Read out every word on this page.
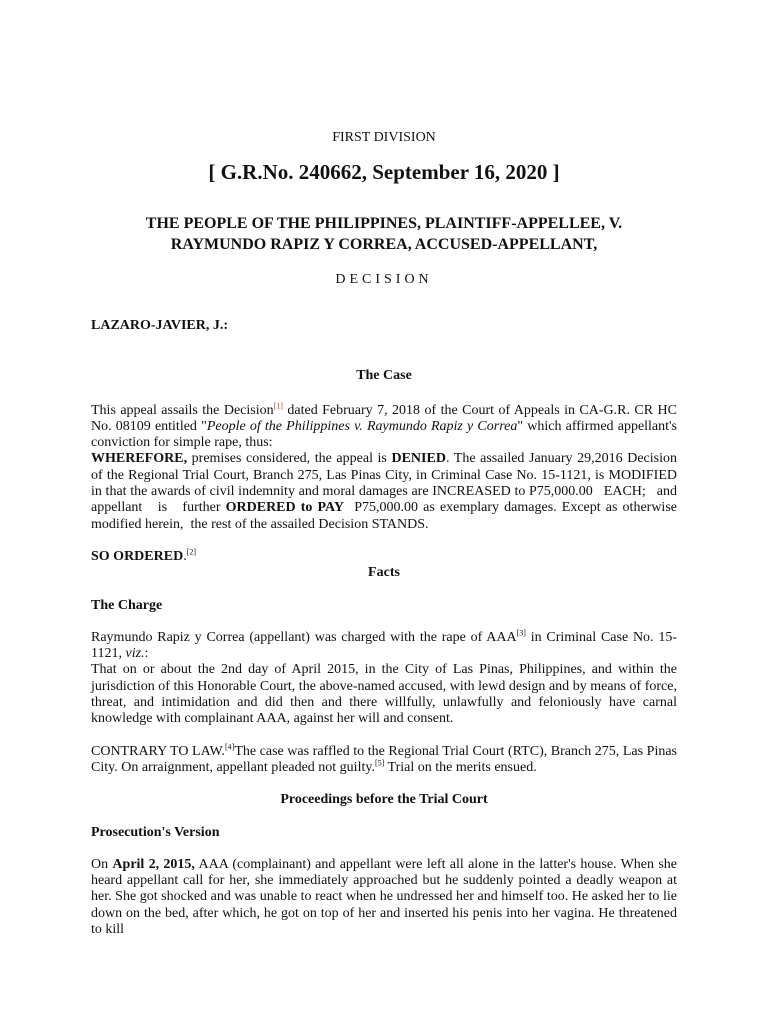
FIRST DIVISION
[ G.R.No. 240662, September 16, 2020 ]
THE PEOPLE OF THE PHILIPPINES, PLAINTIFF-APPELLEE, V.
RAYMUNDO RAPIZ Y CORREA, ACCUSED-APPELLANT,
DECISION

LAZARO-JAVIER, J.:

The Case

This appeal assails the Decision[1] dated February 7, 2018 of the Court of Appeals in CA-G.R. CR HC No. 08109 entitled "People of the Philippines v. Raymundo Rapiz y Correa" which affirmed appellant's conviction for simple rape, thus:

WHEREFORE, premises considered, the appeal is DENIED. The assailed January 29,2016 Decision of the Regional Trial Court, Branch 275, Las Pinas City, in Criminal Case No. 15-1121, is MODIFIED in that the awards of civil indemnity and moral damages are INCREASED to P75,000.00   EACH;   and appellant   is   further ORDERED to PAY  P75,000.00 as exemplary damages. Except as otherwise modified herein,  the rest of the assailed Decision STANDS.

SO ORDERED.[2]

Facts

The Charge

Raymundo Rapiz y Correa (appellant) was charged with the rape of AAA[3] in Criminal Case No. 15-1121, viz.:

That on or about the 2nd day of April 2015, in the City of Las Pinas, Philippines, and within the jurisdiction of this Honorable Court, the above-named accused, with lewd design and by means of force, threat, and intimidation and did then and there willfully, unlawfully and feloniously have carnal knowledge with complainant AAA, against her will and consent.

CONTRARY TO LAW.[4]The case was raffled to the Regional Trial Court (RTC), Branch 275, Las Pinas City. On arraignment, appellant pleaded not guilty.[5] Trial on the merits ensued.

Proceedings before the Trial Court

Prosecution's Version

On April 2, 2015, AAA (complainant) and appellant were left all alone in the latter's house. When she heard appellant call for her, she immediately approached but he suddenly pointed a deadly weapon at her. She got shocked and was unable to react when he undressed her and himself too. He asked her to lie down on the bed, after which, he got on top of her and inserted his penis into her vagina. He threatened to kill
